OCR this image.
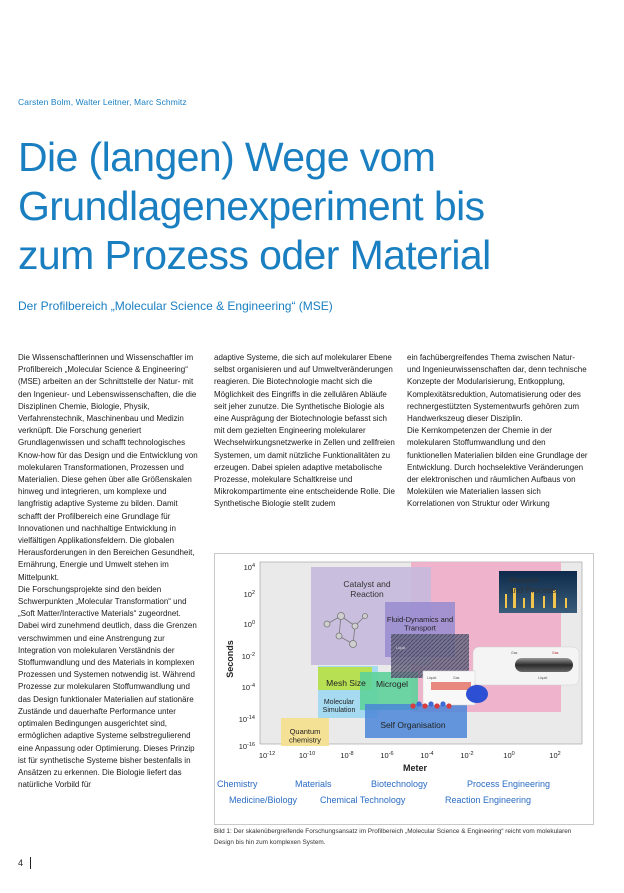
Carsten Bolm, Walter Leitner, Marc Schmitz
Die (langen) Wege vom
Grundlagenexperiment bis
zum Prozess oder Material
Der Profilbereich „Molecular Science & Engineering“ (MSE)

Die Wissenschaftlerinnen und Wissenschaftler im Profilbereich „Molecular Science & Engineering“ (MSE) arbeiten an der Schnittstelle der Natur- mit den Ingenieur- und Lebenswissenschaften, die die Disziplinen Chemie, Biologie, Physik, Verfahrenstechnik, Maschinenbau und Medizin verknüpft. Die Forschung generiert Grundlagenwissen und schafft technologisches Know-how für das Design und die Entwicklung von molekularen Transformationen, Prozessen und Materialien. Diese gehen über alle Größenskalen hinweg und integrieren, um komplexe und langfristig adaptive Systeme zu bilden. Damit schafft der Profilbereich eine Grundlage für Innovationen und nachhaltige Entwicklung in vielfältigen Applikationsfeldern. Die globalen Herausforderungen in den Bereichen Gesundheit, Ernährung, Energie und Umwelt stehen im Mittelpunkt.

Die Forschungsprojekte sind den beiden Schwerpunkten „Molecular Transformation“ und „Soft Matter/Interactive Materials“ zugeordnet. Dabei wird zunehmend deutlich, dass die Grenzen verschwimmen und eine Anstrengung zur Integration von molekularen Verständnis der Stoffumwandlung und des Materials in komplexen Prozessen und Systemen notwendig ist. Während Prozesse zur molekularen Stoffumwandlung und das Design funktionaler Materialien auf stationäre Zustände und dauerhafte Performance unter optimalen Bedingungen ausgerichtet sind, ermöglichen adaptive Systeme selbstregulierend eine Anpassung oder Optimierung. Dieses Prinzip ist für synthetische Systeme bisher bestenfalls in Ansätzen zu erkennen. Die Biologie liefert das natürliche Vorbild für

adaptive Systeme, die sich auf molekularer Ebene selbst organisieren und auf Umweltveränderungen reagieren. Die Biotechnologie macht sich die Möglichkeit des Eingriffs in die zellulären Abläufe seit jeher zunutze. Die Synthetische Biologie als eine Ausprägung der Biotechnologie befasst sich mit dem gezielten Engineering molekularer Wechselwirkungsnetzwerke in Zellen und zellfreien Systemen, um damit nützliche Funktionalitäten zu erzeugen. Dabei spielen adaptive metabolische Prozesse, molekulare Schaltkreise und Mikrokompartimente eine entscheidende Rolle. Die Synthetische Biologie stellt zudem

ein fachübergreifendes Thema zwischen Natur- und Ingenieurwissenschaften dar, denn technische Konzepte der Modularisierung, Entkopplung, Komplexitätsreduktion, Automatisierung oder des rechnergestützten Systementwurfs gehören zum Handwerkszeug dieser Disziplin.

Die Kernkompetenzen der Chemie in der molekularen Stoffumwandlung und den funktionellen Materialien bilden eine Grundlage der Entwicklung. Durch hochselektive Veränderungen der elektronischen und räumlichen Aufbaus von Molekülen wie Materialien lassen sich Korrelationen von Struktur oder Wirkung

Catalyst and Reaction
Reactor and Process
Fluid-Dynamics and Transport
Mesh Size
Molecular Simulation
Microgel
Quantum chemistry
Self Organisation
Liquid
Gas
Liquid
Gas
Liquid	Gas
$10^4$
$10^2$
$10^0$
$10^{-2}$
$10^{-4}$
$10^{-14}$
$10^{-16}$
Seconds
$10^{-12}$	$10^{-10}$	$10^{-8}$	$10^{-6}$	$10^{-4}$	$10^{-2}$	$10^0$	$10^2$
Meter
Chemistry	Materials	Biotechnology	Process Engineering
Medicine/Biology	Chemical Technology	Reaction Engineering
Bild 1: Der skalenübergreifende Forschungsansatz im Profilbereich „Molecular Science & Engineering“ reicht vom molekularen Design bis hin zum komplexen System.
4
